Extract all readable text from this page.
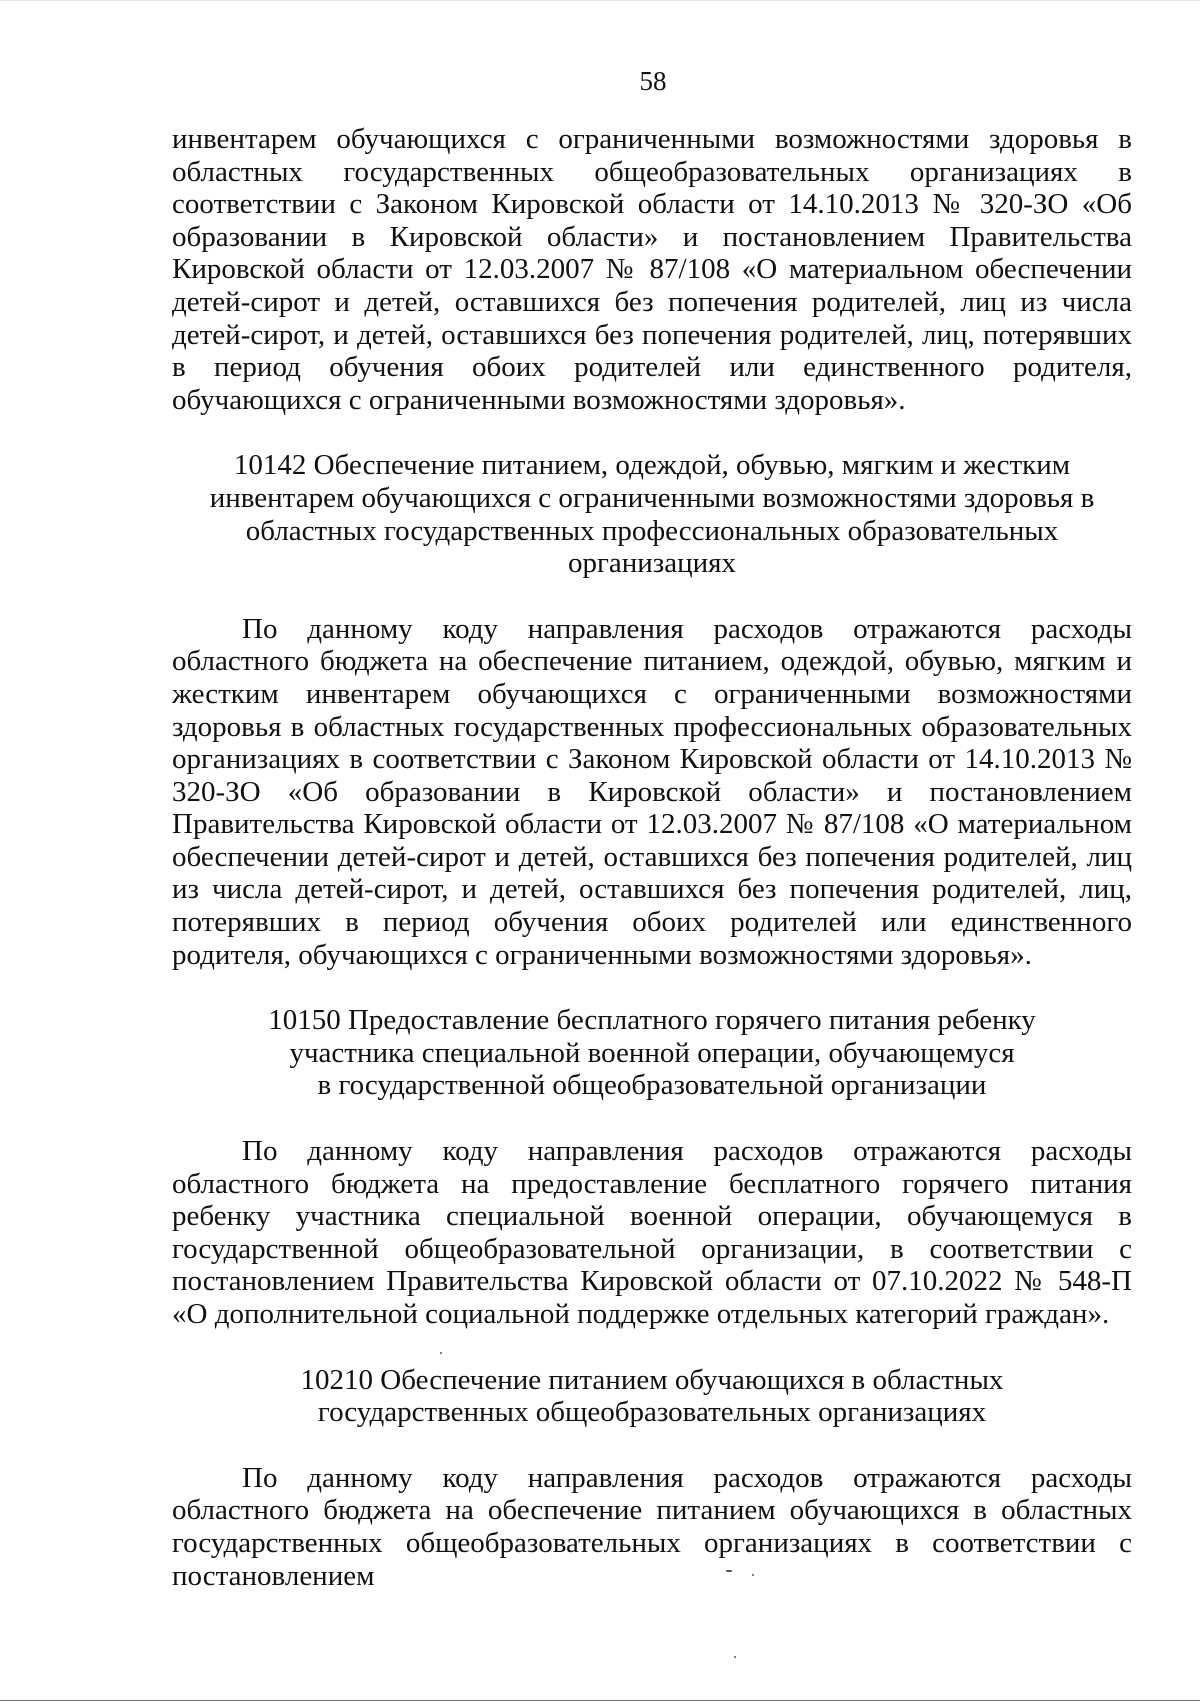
58

инвентарем обучающихся с ограниченными возможностями здоровья в областных государственных общеобразовательных организациях в соответствии с Законом Кировской области от 14.10.2013 № 320-ЗО «Об образовании в Кировской области» и постановлением Правительства Кировской области от 12.03.2007 № 87/108 «О материальном обеспечении детей-сирот и детей, оставшихся без попечения родителей, лиц из числа детей-сирот, и детей, оставшихся без попечения родителей, лиц, потерявших в период обучения обоих родителей или единственного родителя, обучающихся с ограниченными возможностями здоровья».

10142 Обеспечение питанием, одеждой, обувью, мягким и жестким
инвентарем обучающихся с ограниченными возможностями здоровья в
областных государственных профессиональных образовательных
организациях

По данному коду направления расходов отражаются расходы областного бюджета на обеспечение питанием, одеждой, обувью, мягким и жестким инвентарем обучающихся с ограниченными возможностями здоровья в областных государственных профессиональных образовательных организациях в соответствии с Законом Кировской области от 14.10.2013 № 320-ЗО «Об образовании в Кировской области» и постановлением Правительства Кировской области от 12.03.2007 № 87/108 «О материальном обеспечении детей-сирот и детей, оставшихся без попечения родителей, лиц из числа детей-сирот, и детей, оставшихся без попечения родителей, лиц, потерявших в период обучения обоих родителей или единственного родителя, обучающихся с ограниченными возможностями здоровья».

10150 Предоставление бесплатного горячего питания ребенку
участника специальной военной операции, обучающемуся
в государственной общеобразовательной организации

По данному коду направления расходов отражаются расходы областного бюджета на предоставление бесплатного горячего питания ребенку участника специальной военной операции, обучающемуся в государственной общеобразовательной организации, в соответствии с постановлением Правительства Кировской области от 07.10.2022 № 548-П «О дополнительной социальной поддержке отдельных категорий граждан».

10210 Обеспечение питанием обучающихся в областных
государственных общеобразовательных организациях

По данному коду направления расходов отражаются расходы областного бюджета на обеспечение питанием обучающихся в областных государственных общеобразовательных организациях в соответствии с постановлением
